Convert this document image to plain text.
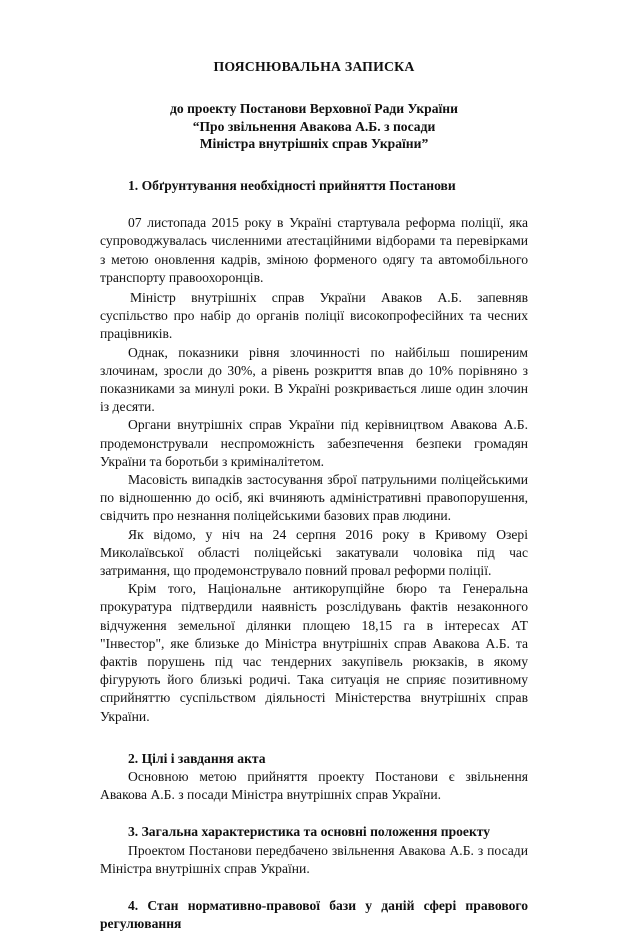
ПОЯСНЮВАЛЬНА ЗАПИСКА
до проекту Постанови Верховної Ради України
“Про звільнення Авакова А.Б. з посади
Міністра внутрішніх справ України”
1. Обґрунтування необхідності прийняття Постанови

07 листопада 2015 року в Україні стартувала реформа поліції, яка супроводжувалась численними атестаційними відборами та перевірками з метою оновлення кадрів, зміною форменого одягу та автомобільного транспорту правоохоронців.

Міністр внутрішніх справ України Аваков А.Б. запевняв суспільство про набір до органів поліції високопрофесійних та чесних працівників.

Однак, показники рівня злочинності по найбільш поширеним злочинам, зросли до 30%, а рівень розкриття впав до 10% порівняно з показниками за минулі роки. В Україні розкривається лише один злочин із десяти.

Органи внутрішніх справ України під керівництвом Авакова А.Б. продемонстрували неспроможність забезпечення безпеки громадян України та боротьби з криміналітетом.

Масовість випадків застосування зброї патрульними поліцейськими по відношенню до осіб, які вчиняють адміністративні правопорушення, свідчить про незнання поліцейськими базових прав людини.

Як відомо, у ніч на 24 серпня 2016 року в Кривому Озері Миколаївської області поліцейські закатували чоловіка під час затримання, що продемонструвало повний провал реформи поліції.

Крім того, Національне антикорупційне бюро та Генеральна прокуратура підтвердили наявність розслідувань фактів незаконного відчуження земельної ділянки площею 18,15 га в інтересах АТ "Інвестор", яке близьке до Міністра внутрішніх справ Авакова А.Б. та фактів порушень під час тендерних закупівель рюкзаків, в якому фігурують його близькі родичі. Така ситуація не сприяє позитивному сприйняттю суспільством діяльності Міністерства внутрішніх справ України.

2. Цілі і завдання акта

Основною метою прийняття проекту Постанови є звільнення Авакова А.Б. з посади Міністра внутрішніх справ України.

3. Загальна характеристика та основні положення проекту

Проектом Постанови передбачено звільнення Авакова А.Б. з посади Міністра внутрішніх справ України.

4. Стан нормативно-правової бази у даній сфері правового регулювання
